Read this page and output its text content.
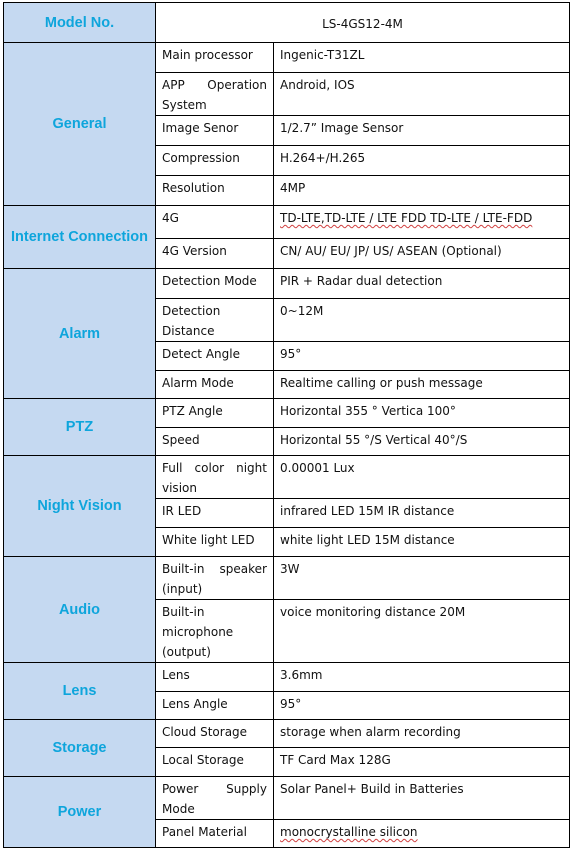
Model No.	LS-4GS12-4M	
General	Main processor	Ingenic-T31ZL
	APP Operation System	Android, IOS
	Image Senor	1/2.7” Image Sensor
	Compression	H.264+/H.265
	Resolution	4MP
Internet Connection	4G	TD-LTE,TD-LTE / LTE FDD TD-LTE / LTE-FDD
	4G Version	CN/ AU/ EU/ JP/ US/ ASEAN (Optional)
Alarm	Detection Mode	PIR + Radar dual detection
	Detection Distance	0~12M
	Detect Angle	95°
	Alarm Mode	Realtime calling or push message
PTZ	PTZ Angle	Horizontal 355 ° Vertica 100°
	Speed	Horizontal 55 °/S Vertical 40°/S
Night Vision	Full color night vision	0.00001 Lux
	IR LED	infrared LED 15M IR distance
	White light LED	white light LED 15M distance
Audio	Built-in speaker (input)	3W
	Built-in microphone (output)	voice monitoring distance 20M
Lens	Lens	3.6mm
	Lens Angle	95°
Storage	Cloud Storage	storage when alarm recording
	Local Storage	TF Card Max 128G
Power	Power Supply Mode	Solar Panel+ Build in Batteries
	Panel Material	monocrystalline silicon
